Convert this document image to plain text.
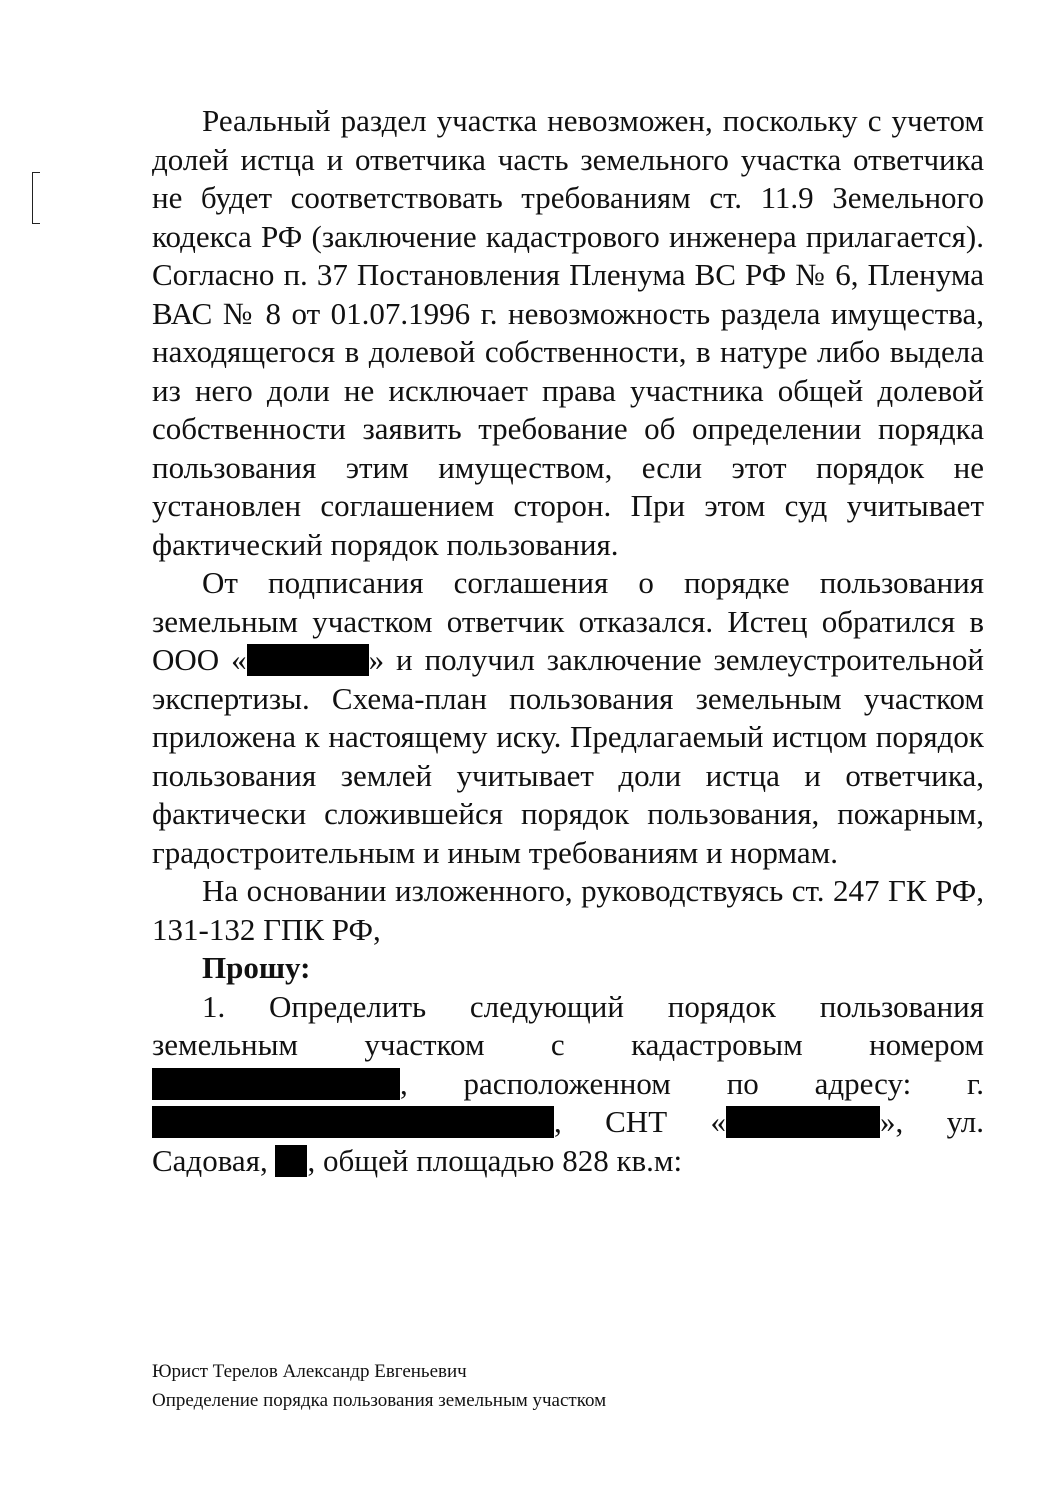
Реальный раздел участка невозможен, поскольку с учетом долей истца и ответчика часть земельного участка ответчика не будет соответствовать требованиям ст. 11.9 Земельного кодекса РФ (заключение кадастрового инженера прилагается). Согласно п. 37 Постановления Пленума ВС РФ № 6, Пленума ВАС № 8 от 01.07.1996 г. невозможность раздела имущества, находящегося в долевой собственности, в натуре либо выдела из него доли не исключает права участника общей долевой собственности заявить требование об определении порядка пользования этим имуществом, если этот порядок не установлен соглашением сторон. При этом суд учитывает фактический порядок пользования.

От подписания соглашения о порядке пользования земельным участком ответчик отказался. Истец обратился в ООО «	» и получил заключение землеустроительной экспертизы. Схема-план пользования земельным участком приложена к настоящему иску. Предлагаемый истцом порядок пользования землей учитывает доли истца и ответчика, фактически сложившейся порядок пользования, пожарным, градостроительным и иным требованиям и нормам.

На основании изложенного, руководствуясь ст. 247 ГК РФ, 131-132 ГПК РФ,

Прошу:

1. Определить следующий порядок пользования земельным участком с кадастровым номером , расположенном по адресу: г. , СНТ «	», ул. Садовая, , общей площадью 828 кв.м:

Юрист Терелов Александр Евгеньевич
Определение порядка пользования земельным участком
